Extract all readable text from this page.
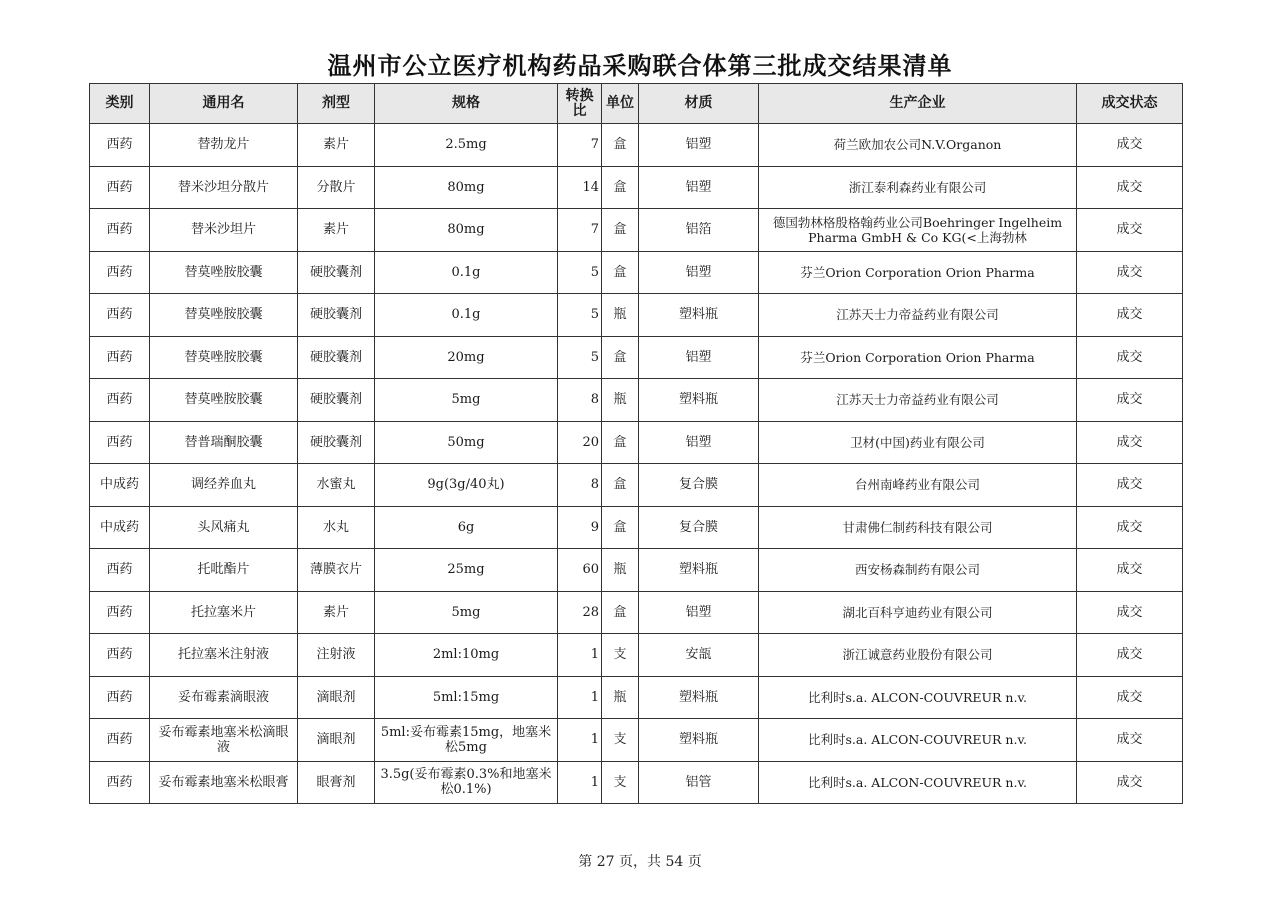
温州市公立医疗机构药品采购联合体第三批成交结果清单
类别	通用名	剂型	规格	转换比	单位	材质	生产企业	成交状态
西药	替勃龙片	素片	2.5mg	7	盒	铝塑	荷兰欧加农公司N.V.Organon	成交
西药	替米沙坦分散片	分散片	80mg	14	盒	铝塑	浙江泰利森药业有限公司	成交
西药	替米沙坦片	素片	80mg	7	盒	铝箔	德国勃林格殷格翰药业公司Boehringer Ingelheim Pharma GmbH & Co KG(<上海勃林	成交
西药	替莫唑胺胶囊	硬胶囊剂	0.1g	5	盒	铝塑	芬兰Orion Corporation Orion Pharma	成交
西药	替莫唑胺胶囊	硬胶囊剂	0.1g	5	瓶	塑料瓶	江苏天士力帝益药业有限公司	成交
西药	替莫唑胺胶囊	硬胶囊剂	20mg	5	盒	铝塑	芬兰Orion Corporation Orion Pharma	成交
西药	替莫唑胺胶囊	硬胶囊剂	5mg	8	瓶	塑料瓶	江苏天士力帝益药业有限公司	成交
西药	替普瑞酮胶囊	硬胶囊剂	50mg	20	盒	铝塑	卫材(中国)药业有限公司	成交
中成药	调经养血丸	水蜜丸	9g(3g/40丸)	8	盒	复合膜	台州南峰药业有限公司	成交
中成药	头风痛丸	水丸	6g	9	盒	复合膜	甘肃佛仁制药科技有限公司	成交
西药	托吡酯片	薄膜衣片	25mg	60	瓶	塑料瓶	西安杨森制药有限公司	成交
西药	托拉塞米片	素片	5mg	28	盒	铝塑	湖北百科亨迪药业有限公司	成交
西药	托拉塞米注射液	注射液	2ml:10mg	1	支	安瓿	浙江诚意药业股份有限公司	成交
西药	妥布霉素滴眼液	滴眼剂	5ml:15mg	1	瓶	塑料瓶	比利时s.a. ALCON-COUVREUR n.v.	成交
西药	妥布霉素地塞米松滴眼液	滴眼剂	5ml:妥布霉素15mg，地塞米松5mg	1	支	塑料瓶	比利时s.a. ALCON-COUVREUR n.v.	成交
西药	妥布霉素地塞米松眼膏	眼膏剂	3.5g(妥布霉素0.3%和地塞米松0.1%)	1	支	铝管	比利时s.a. ALCON-COUVREUR n.v.	成交
第 27 页，共 54 页
